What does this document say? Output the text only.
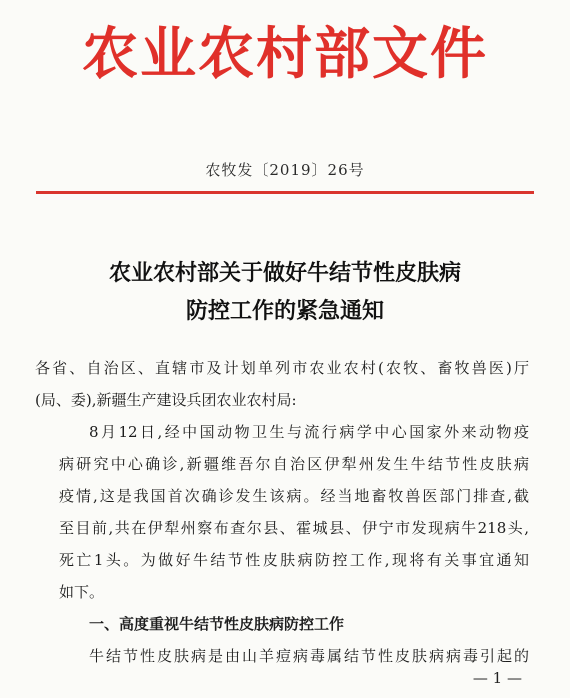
农业农村部文件
农牧发〔2019〕26号
农业农村部关于做好牛结节性皮肤病
防控工作的紧急通知
各省、自治区、直辖市及计划单列市农业农村(农牧、畜牧兽医)厅
(局、委),新疆生产建设兵团农业农村局:
8月12日,经中国动物卫生与流行病学中心国家外来动物疫
病研究中心确诊,新疆维吾尔自治区伊犁州发生牛结节性皮肤病
疫情,这是我国首次确诊发生该病。经当地畜牧兽医部门排查,截
至目前,共在伊犁州察布查尔县、霍城县、伊宁市发现病牛218头,
死亡1头。为做好牛结节性皮肤病防控工作,现将有关事宜通知
如下。
一、高度重视牛结节性皮肤病防控工作
牛结节性皮肤病是由山羊痘病毒属结节性皮肤病病毒引起的
— 1 —
